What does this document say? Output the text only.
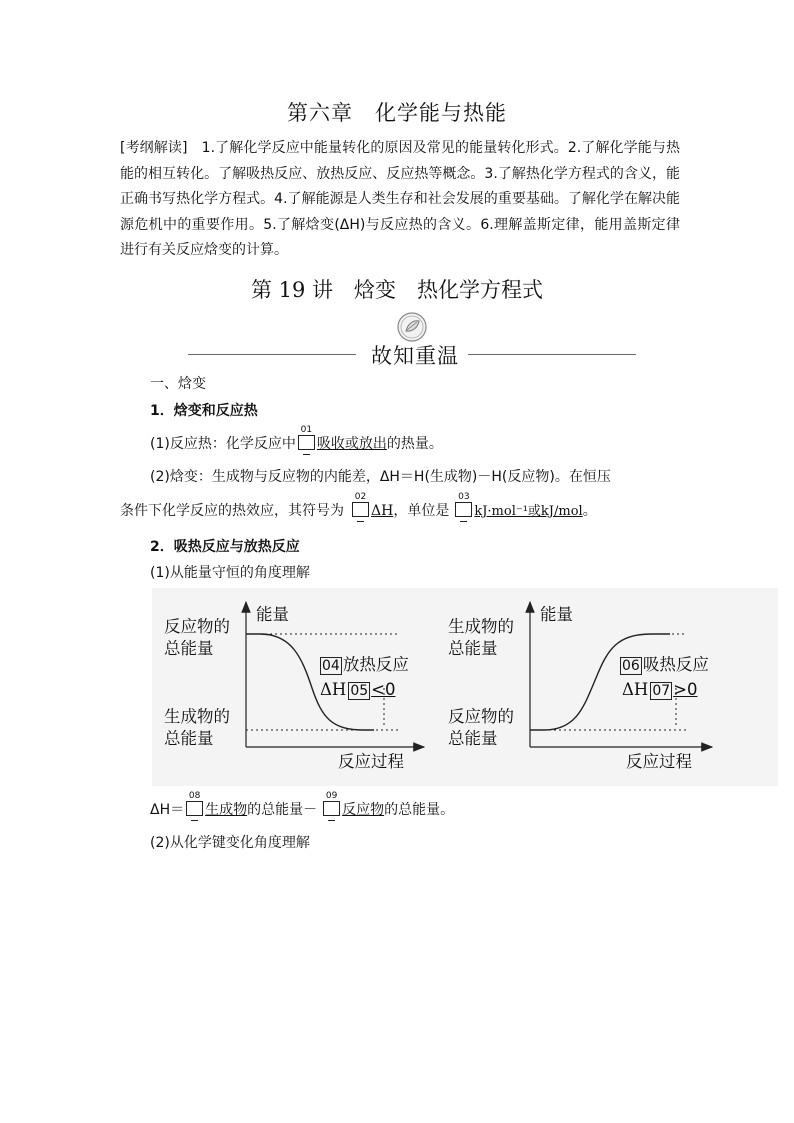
第六章　化学能与热能
[考纲解读]　1.了解化学反应中能量转化的原因及常见的能量转化形式。2.了解化学能与热能的相互转化。了解吸热反应、放热反应、反应热等概念。3.了解热化学方程式的含义，能正确书写热化学方程式。4.了解能源是人类生存和社会发展的重要基础。了解化学在解决能源危机中的重要作用。5.了解焓变(ΔH)与反应热的含义。6.理解盖斯定律，能用盖斯定律进行有关反应焓变的计算。
第 19 讲　焓变　热化学方程式
故知重温
一、焓变
1．焓变和反应热
(1)反应热：化学反应中
01
吸收或放出的热量。
(2)焓变：生成物与反应物的内能差，ΔH＝H(生成物)－H(反应物)。在恒压
条件下化学反应的热效应，其符号为
02
ΔH，单位是
03
kJ·mol⁻¹或kJ/mol。
2．吸热反应与放热反应
(1)从能量守恒的角度理解
能量
反应物的
总能量
04 放热反应
ΔH 05 <0
生成物的
总能量
反应过程
能量
生成物的
总能量
06 吸热反应
ΔH 07 >0
反应物的
总能量
反应过程
ΔH＝
08
生成物的总能量－
09
反应物的总能量。
(2)从化学键变化角度理解
